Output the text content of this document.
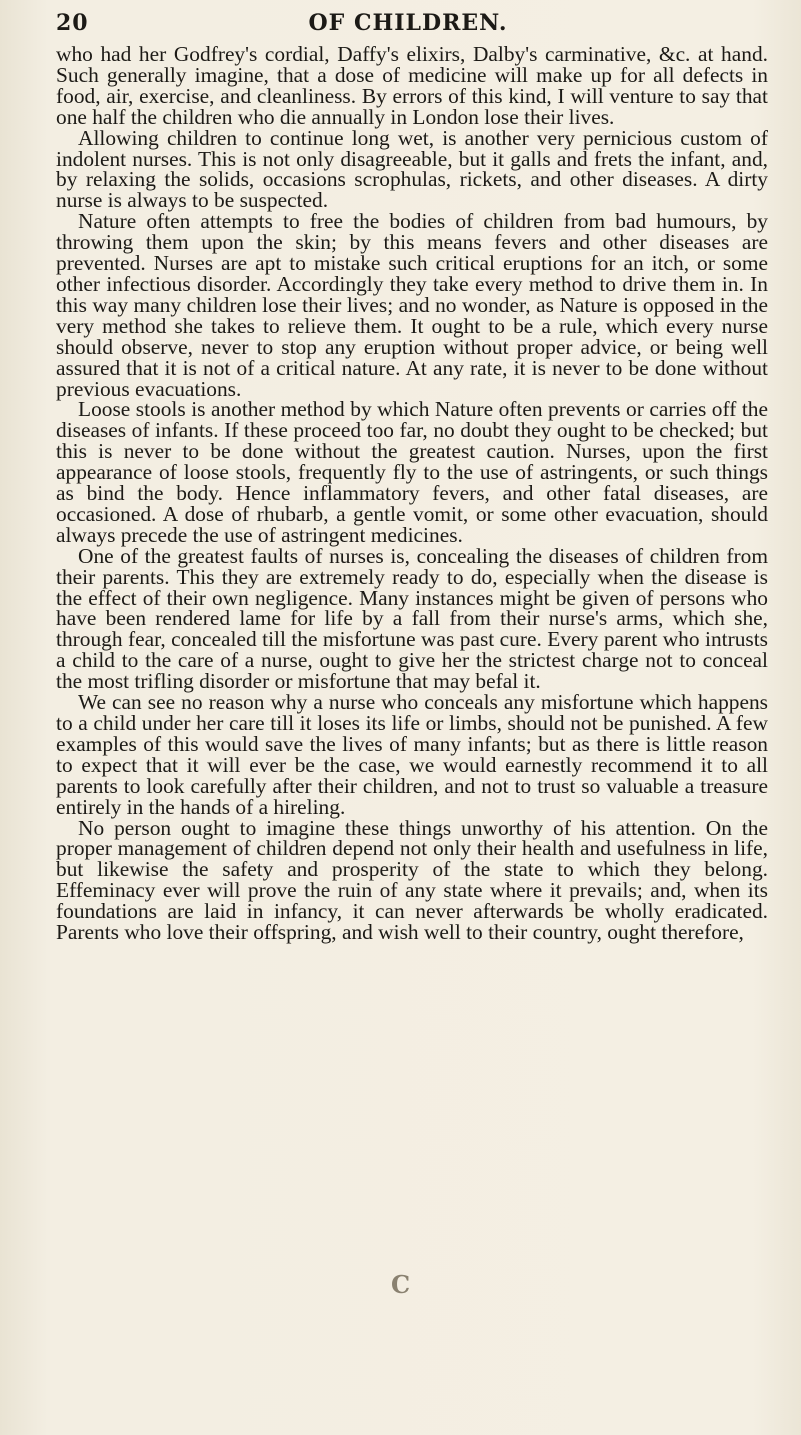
20	OF CHILDREN.

who had her Godfrey's cordial, Daffy's elixirs, Dalby's carminative, &c. at hand. Such generally imagine, that a dose of medicine will make up for all defects in food, air, exercise, and cleanliness. By errors of this kind, I will venture to say that one half the children who die annually in London lose their lives.

Allowing children to continue long wet, is another very pernicious custom of indolent nurses. This is not only disagreeable, but it galls and frets the infant, and, by relaxing the solids, occasions scrophulas, rickets, and other diseases. A dirty nurse is always to be suspected.

Nature often attempts to free the bodies of children from bad humours, by throwing them upon the skin; by this means fevers and other diseases are prevented. Nurses are apt to mistake such critical eruptions for an itch, or some other infectious disorder. Accordingly they take every method to drive them in. In this way many children lose their lives; and no wonder, as Nature is opposed in the very method she takes to relieve them. It ought to be a rule, which every nurse should observe, never to stop any eruption without proper advice, or being well assured that it is not of a critical nature. At any rate, it is never to be done without previous evacuations.

Loose stools is another method by which Nature often prevents or carries off the diseases of infants. If these proceed too far, no doubt they ought to be checked; but this is never to be done without the greatest caution. Nurses, upon the first appearance of loose stools, frequently fly to the use of astringents, or such things as bind the body. Hence inflammatory fevers, and other fatal diseases, are occasioned. A dose of rhubarb, a gentle vomit, or some other evacuation, should always precede the use of astringent medicines.

One of the greatest faults of nurses is, concealing the diseases of children from their parents. This they are extremely ready to do, especially when the disease is the effect of their own negligence. Many instances might be given of persons who have been rendered lame for life by a fall from their nurse's arms, which she, through fear, concealed till the misfortune was past cure. Every parent who intrusts a child to the care of a nurse, ought to give her the strictest charge not to conceal the most trifling disorder or misfortune that may befal it.

We can see no reason why a nurse who conceals any misfortune which happens to a child under her care till it loses its life or limbs, should not be punished. A few examples of this would save the lives of many infants; but as there is little reason to expect that it will ever be the case, we would earnestly recommend it to all parents to look carefully after their children, and not to trust so valuable a treasure entirely in the hands of a hireling.

No person ought to imagine these things unworthy of his attention. On the proper management of children depend not only their health and usefulness in life, but likewise the safety and prosperity of the state to which they belong. Effeminacy ever will prove the ruin of any state where it prevails; and, when its foundations are laid in infancy, it can never afterwards be wholly eradicated. Parents who love their offspring, and wish well to their country, ought therefore,

C
